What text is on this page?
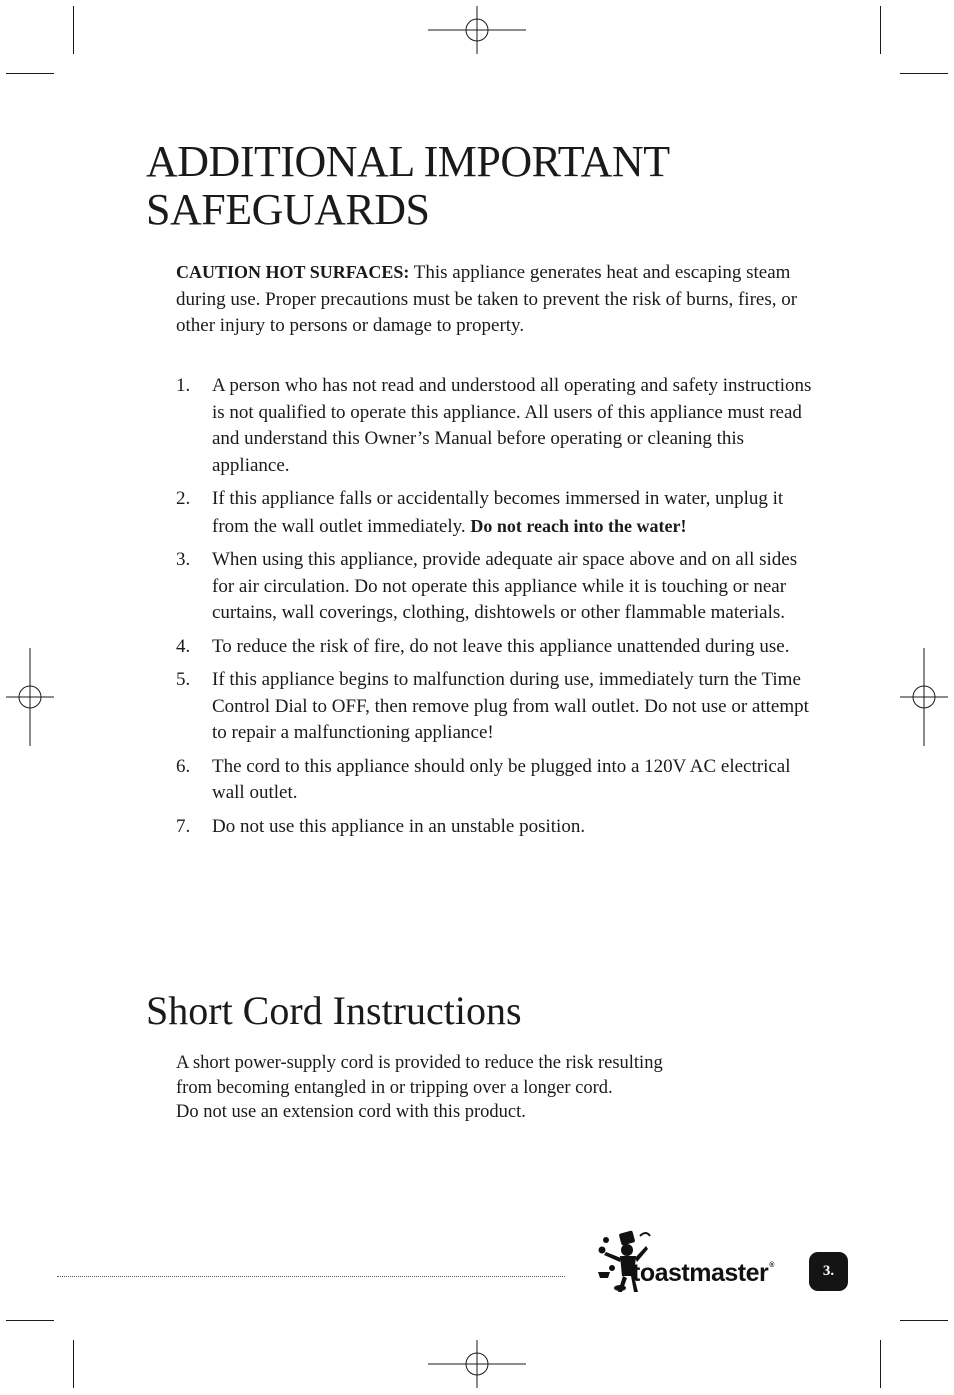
ADDITIONAL IMPORTANT SAFEGUARDS

CAUTION HOT SURFACES: This appliance generates heat and escaping steam during use. Proper precautions must be taken to prevent the risk of burns, fires, or other injury to persons or damage to property.

1. A person who has not read and understood all operating and safety instructions is not qualified to operate this appliance. All users of this appliance must read and understand this Owner’s Manual before operating or cleaning this appliance.
2. If this appliance falls or accidentally becomes immersed in water, unplug it from the wall outlet immediately. Do not reach into the water!
3. When using this appliance, provide adequate air space above and on all sides for air circulation. Do not operate this appliance while it is touching or near curtains, wall coverings, clothing, dishtowels or other flammable materials.
4. To reduce the risk of fire, do not leave this appliance unattended during use.
5. If this appliance begins to malfunction during use, immediately turn the Time Control Dial to OFF, then remove plug from wall outlet. Do not use or attempt to repair a malfunctioning appliance!
6. The cord to this appliance should only be plugged into a 120V AC electrical wall outlet.
7. Do not use this appliance in an unstable position.
Short Cord Instructions

A short power-supply cord is provided to reduce the risk resulting
from becoming entangled in or tripping over a longer cord.
Do not use an extension cord with this product.

toastmaster®	3.
